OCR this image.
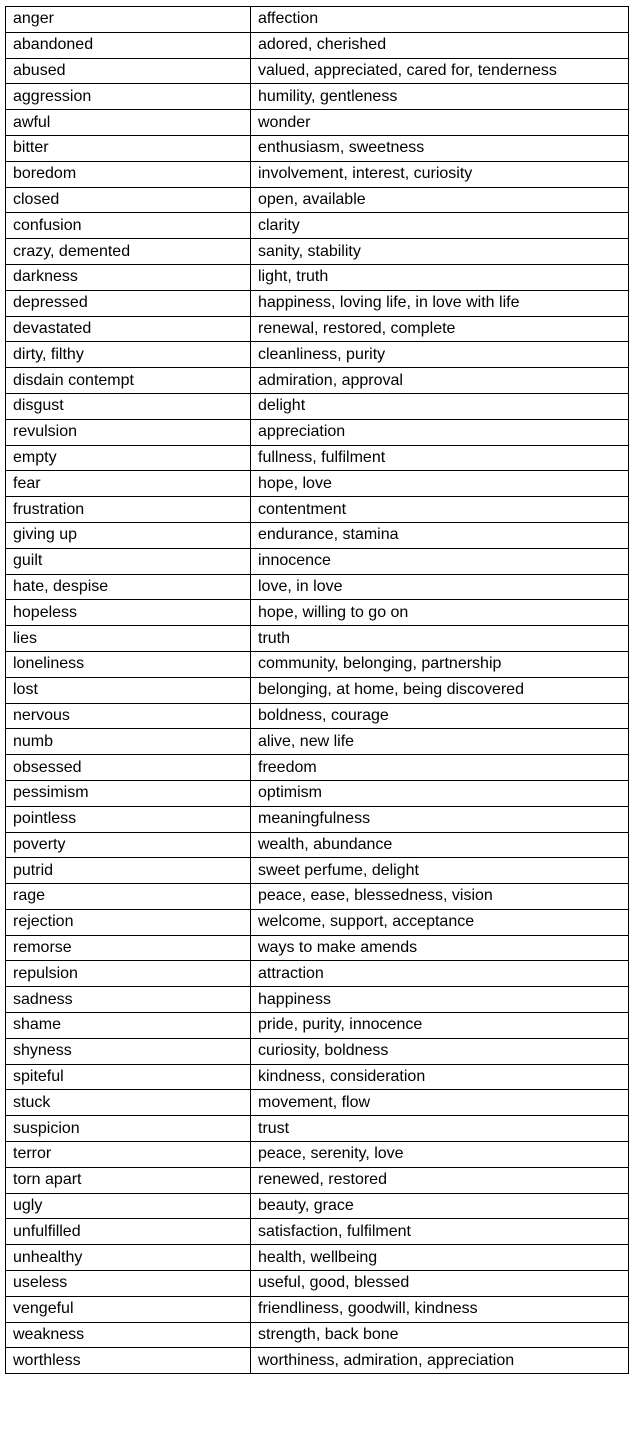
anger	affection
abandoned	adored, cherished
abused	valued, appreciated, cared for, tenderness
aggression	humility, gentleness
awful	wonder
bitter	enthusiasm, sweetness
boredom	involvement, interest, curiosity
closed	open, available
confusion	clarity
crazy, demented	sanity, stability
darkness	light, truth
depressed	happiness, loving life, in love with life
devastated	renewal, restored, complete
dirty, filthy	cleanliness, purity
disdain contempt	admiration, approval
disgust	delight
revulsion	appreciation
empty	fullness, fulfilment
fear	hope, love
frustration	contentment
giving up	endurance, stamina
guilt	innocence
hate, despise	love, in love
hopeless	hope, willing to go on
lies	truth
loneliness	community, belonging, partnership
lost	belonging, at home, being discovered
nervous	boldness, courage
numb	alive, new life
obsessed	freedom
pessimism	optimism
pointless	meaningfulness
poverty	wealth, abundance
putrid	sweet perfume, delight
rage	peace, ease, blessedness, vision
rejection	welcome, support, acceptance
remorse	ways to make amends
repulsion	attraction
sadness	happiness
shame	pride, purity, innocence
shyness	curiosity, boldness
spiteful	kindness, consideration
stuck	movement, flow
suspicion	trust
terror	peace, serenity, love
torn apart	renewed, restored
ugly	beauty, grace
unfulfilled	satisfaction, fulfilment
unhealthy	health, wellbeing
useless	useful, good, blessed
vengeful	friendliness, goodwill, kindness
weakness	strength, back bone
worthless	worthiness, admiration, appreciation
